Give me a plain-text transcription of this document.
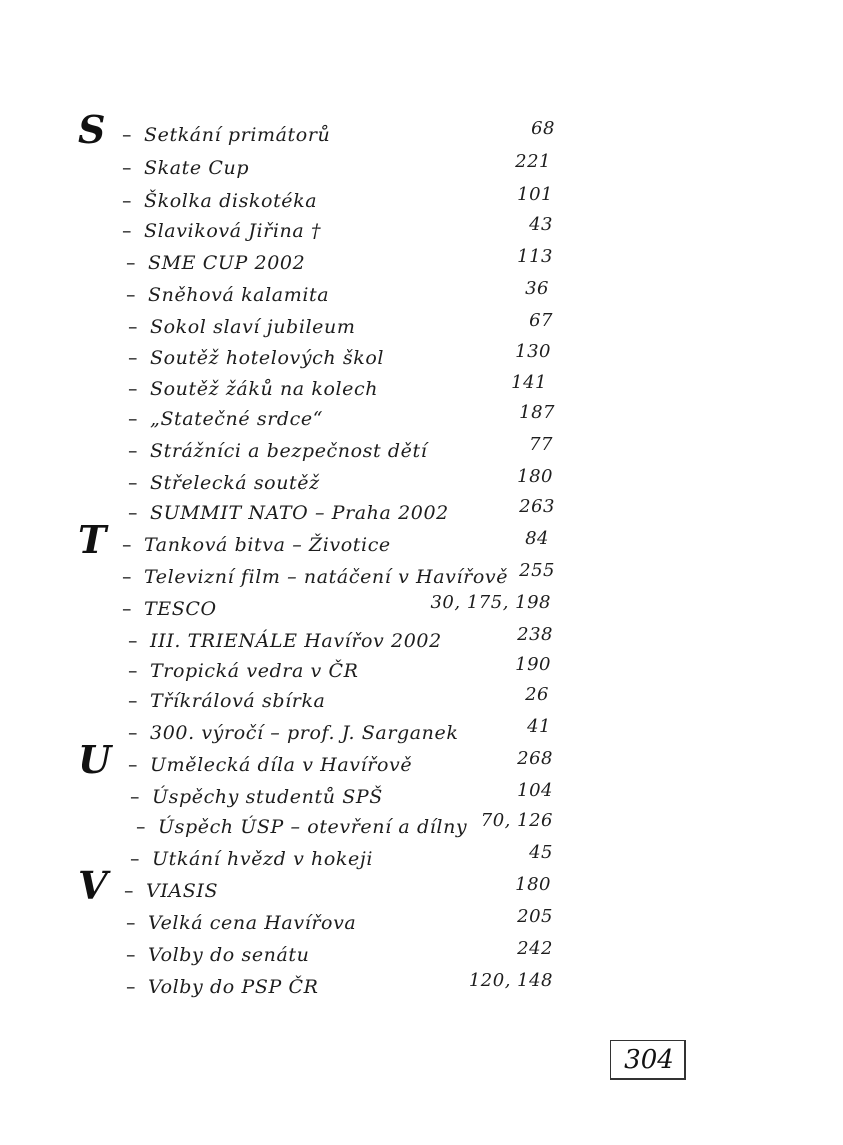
S – Setkání primátorů	68
– Skate Cup	221
– Školka diskotéka	101
– Slaviková Jiřina †	43
– SME CUP 2002	113
– Sněhová kalamita	36
– Sokol slaví jubileum	67
– Soutěž hotelových škol	130
– Soutěž žáků na kolech	141
– „Statečné srdce“	187
– Strážníci a bezpečnost dětí	77
– Střelecká soutěž	180
– SUMMIT NATO – Praha 2002	263
T – Tanková bitva – Životice	84
– Televizní film – natáčení v Havířově 255
– TESCO	30, 175, 198
– III. TRIENÁLE Havířov 2002	238
– Tropická vedra v ČR	190
– Tříkrálová sbírka	26
– 300. výročí – prof. J. Sarganek	41
U – Umělecká díla v Havířově	268
– Úspěchy studentů SPŠ	104
– Úspěch ÚSP – otevření a dílny 70, 126
– Utkání hvězd v hokeji	45
V – VIASIS	180
– Velká cena Havířova	205
– Volby do senátu	242
– Volby do PSP ČR	120, 148
304
